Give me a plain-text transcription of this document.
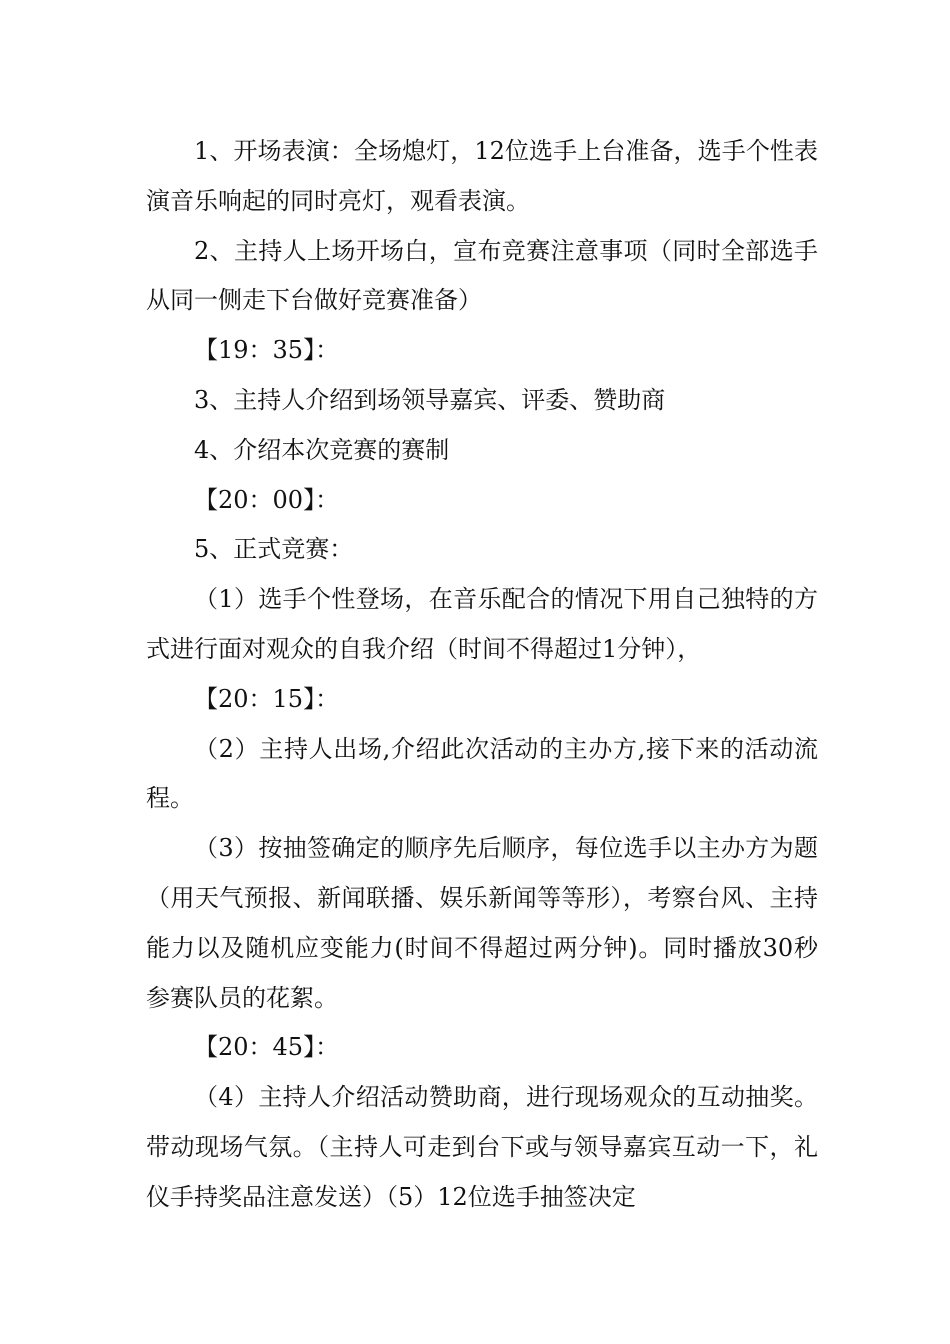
1、开场表演：全场熄灯，12位选手上台准备，选手个性表演音乐响起的同时亮灯，观看表演。

2、主持人上场开场白，宣布竞赛注意事项（同时全部选手从同一侧走下台做好竞赛准备）

【19：35】：

3、主持人介绍到场领导嘉宾、评委、赞助商

4、介绍本次竞赛的赛制

【20：00】：

5、正式竞赛：

（1）选手个性登场，在音乐配合的情况下用自己独特的方式进行面对观众的自我介绍（时间不得超过1分钟），

【20：15】：

（2）主持人出场,介绍此次活动的主办方,接下来的活动流程。

（3）按抽签确定的顺序先后顺序，每位选手以主办方为题（用天气预报、新闻联播、娱乐新闻等等形），考察台风、主持能力以及随机应变能力(时间不得超过两分钟)。同时播放30秒参赛队员的花絮。

【20：45】：

（4）主持人介绍活动赞助商，进行现场观众的互动抽奖。带动现场气氛。（主持人可走到台下或与领导嘉宾互动一下，礼仪手持奖品注意发送）（5）12位选手抽签决定
